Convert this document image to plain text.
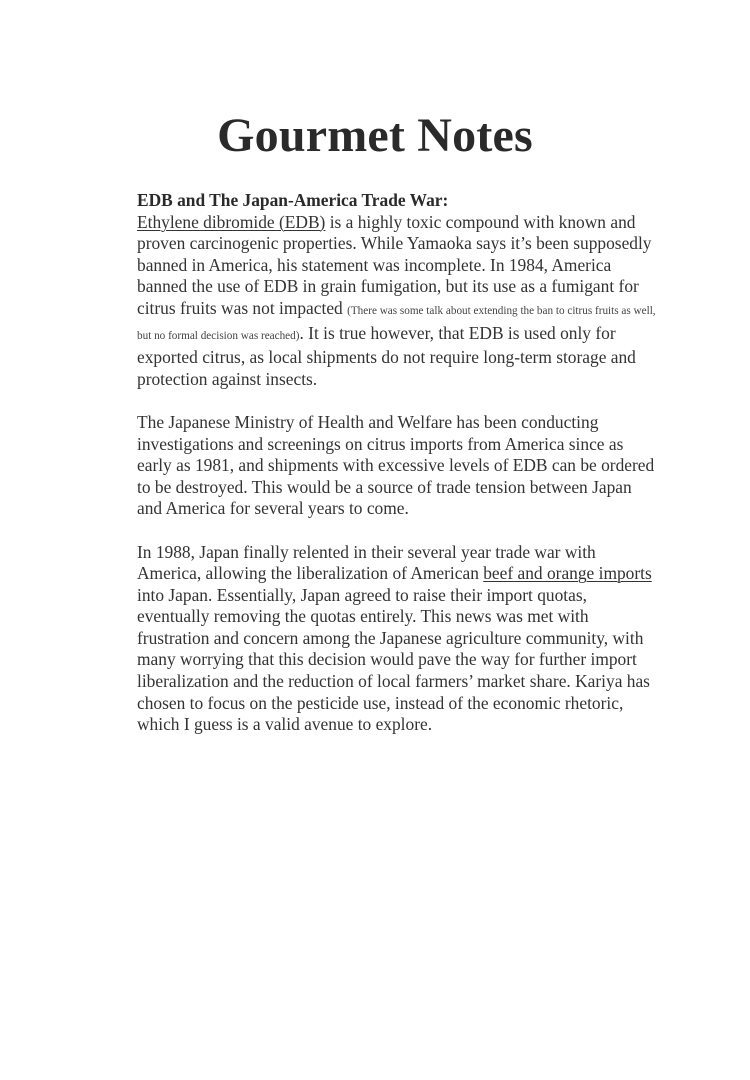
Gourmet Notes

EDB and The Japan-America Trade War:

Ethylene dibromide (EDB) is a highly toxic compound with known and proven carcinogenic properties. While Yamaoka says it’s been supposedly banned in America, his statement was incomplete. In 1984, America banned the use of EDB in grain fumigation, but its use as a fumigant for citrus fruits was not impacted (There was some talk about extending the ban to citrus fruits as well, but no formal decision was reached). It is true however, that EDB is used only for exported citrus, as local shipments do not require long-term storage and protection against insects.

The Japanese Ministry of Health and Welfare has been conducting investigations and screenings on citrus imports from America since as early as 1981, and shipments with excessive levels of EDB can be ordered to be destroyed. This would be a source of trade tension between Japan and America for several years to come.

In 1988, Japan finally relented in their several year trade war with America, allowing the liberalization of American beef and orange imports into Japan. Essentially, Japan agreed to raise their import quotas, eventually removing the quotas entirely. This news was met with frustration and concern among the Japanese agriculture community, with many worrying that this decision would pave the way for further import liberalization and the reduction of local farmers’ market share. Kariya has chosen to focus on the pesticide use, instead of the economic rhetoric, which I guess is a valid avenue to explore.
